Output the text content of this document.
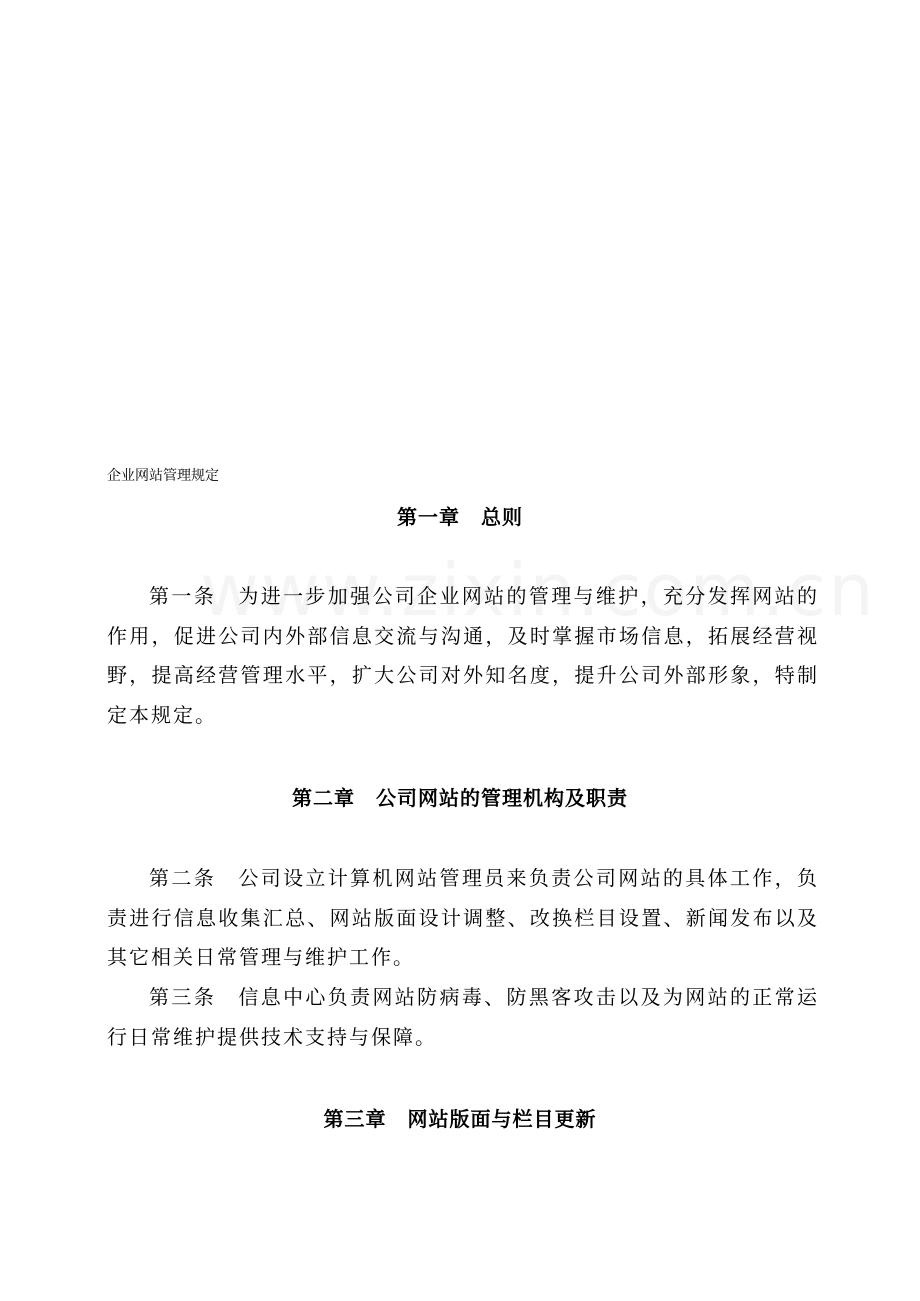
企业网站管理规定
第一章　总则

第一条　为进一步加强公司企业网站的管理与维护，充分发挥网站的作用，促进公司内外部信息交流与沟通，及时掌握市场信息，拓展经营视野，提高经营管理水平，扩大公司对外知名度，提升公司外部形象，特制定本规定。

第二章　公司网站的管理机构及职责

第二条　公司设立计算机网站管理员来负责公司网站的具体工作，负责进行信息收集汇总、网站版面设计调整、改换栏目设置、新闻发布以及其它相关日常管理与维护工作。

第三条　信息中心负责网站防病毒、防黑客攻击以及为网站的正常运行日常维护提供技术支持与保障。

第三章　网站版面与栏目更新
